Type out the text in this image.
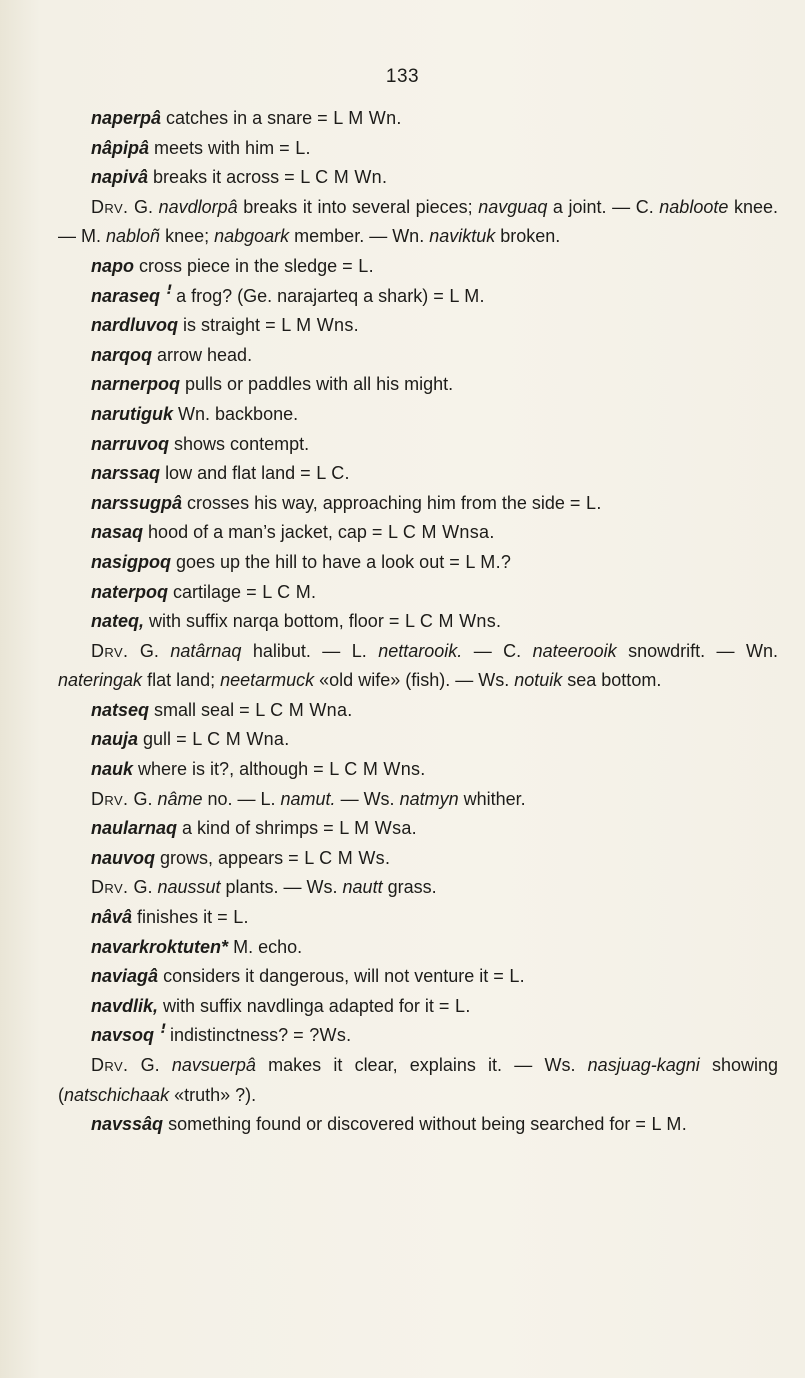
133

naperpâ catches in a snare = L M Wn.

nâpipâ meets with him = L.

napivâ breaks it across = L C M Wn.

Drv. G. navdlorpâ breaks it into several pieces; navguaq a joint. — C. nabloote knee. — M. nabloñ knee; nabgoark member. — Wn. naviktuk broken.

napo cross piece in the sledge = L.

naraseq ꜝ a frog? (Ge. narajarteq a shark) = L M.

nardluvoq is straight = L M Wns.

narqoq arrow head.

narnerpoq pulls or paddles with all his might.

narutiguk Wn. backbone.

narruvoq shows contempt.

narssaq low and flat land = L C.

narssugpâ crosses his way, approaching him from the side = L.

nasaq hood of a man’s jacket, cap = L C M Wnsa.

nasigpoq goes up the hill to have a look out = L M.?

naterpoq cartilage = L C M.

nateq, with suffix narqa bottom, floor = L C M Wns.

Drv. G. natârnaq halibut. — L. nettarooik. — C. nateerooik snowdrift. — Wn. nateringak flat land; neetarmuck «old wife» (fish). — Ws. notuik sea bottom.

natseq small seal = L C M Wna.

nauja gull = L C M Wna.

nauk where is it?, although = L C M Wns.

Drv. G. nâme no. — L. namut. — Ws. natmyn whither.

naularnaq a kind of shrimps = L M Wsa.

nauvoq grows, appears = L C M Ws.

Drv. G. naussut plants. — Ws. nautt grass.

nâvâ finishes it = L.

navarkroktuten* M. echo.

naviagâ considers it dangerous, will not venture it = L.

navdlik, with suffix navdlinga adapted for it = L.

navsoq ꜝ indistinctness? = ?Ws.

Drv. G. navsuerpâ makes it clear, explains it. — Ws. nasjuag-kagni showing (natschichaak «truth» ?).

navssâq something found or discovered without being searched for = L M.
